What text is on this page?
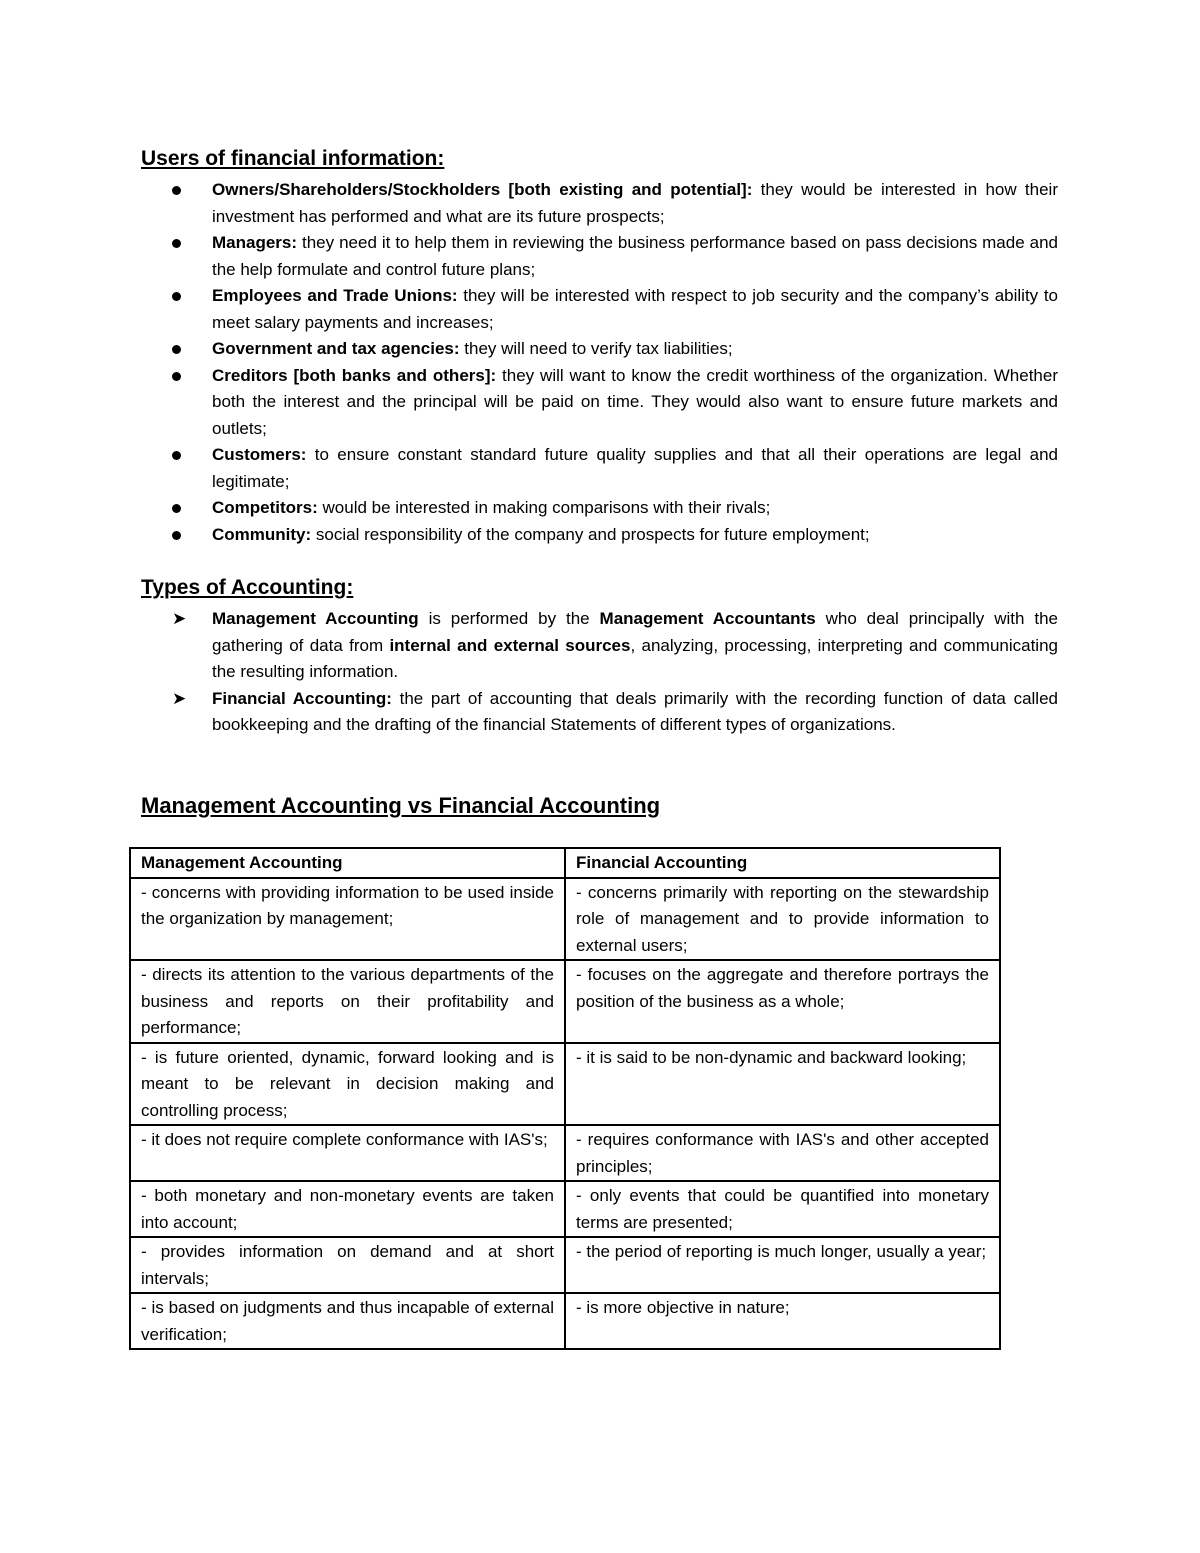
Users of financial information:
Owners/Shareholders/Stockholders [both existing and potential]: they would be interested in how their investment has performed and what are its future prospects;
Managers: they need it to help them in reviewing the business performance based on pass decisions made and the help formulate and control future plans;
Employees and Trade Unions: they will be interested with respect to job security and the company’s ability to meet salary payments and increases;
Government and tax agencies: they will need to verify tax liabilities;
Creditors [both banks and others]: they will want to know the credit worthiness of the organization. Whether both the interest and the principal will be paid on time. They would also want to ensure future markets and outlets;
Customers: to ensure constant standard future quality supplies and that all their operations are legal and legitimate;
Competitors: would be interested in making comparisons with their rivals;
Community: social responsibility of the company and prospects for future employment;
Types of Accounting:
➤ Management Accounting is performed by the Management Accountants who deal principally with the gathering of data from internal and external sources, analyzing, processing, interpreting and communicating the resulting information.
➤ Financial Accounting: the part of accounting that deals primarily with the recording function of data called bookkeeping and the drafting of the financial Statements of different types of organizations.
Management Accounting vs Financial Accounting
Management Accounting	Financial Accounting
- concerns with providing information to be used inside the organization by management;	- concerns primarily with reporting on the stewardship role of management and to provide information to external users;
- directs its attention to the various departments of the business and reports on their profitability and performance;	- focuses on the aggregate and therefore portrays the position of the business as a whole;
- is future oriented, dynamic, forward looking and is meant to be relevant in decision making and controlling process;	- it is said to be non-dynamic and backward looking;
- it does not require complete conformance with IAS's;	- requires conformance with IAS's and other accepted principles;
- both monetary and non-monetary events are taken into account;	- only events that could be quantified into monetary terms are presented;
- provides information on demand and at short intervals;	- the period of reporting is much longer, usually a year;
- is based on judgments and thus incapable of external verification;	- is more objective in nature;
